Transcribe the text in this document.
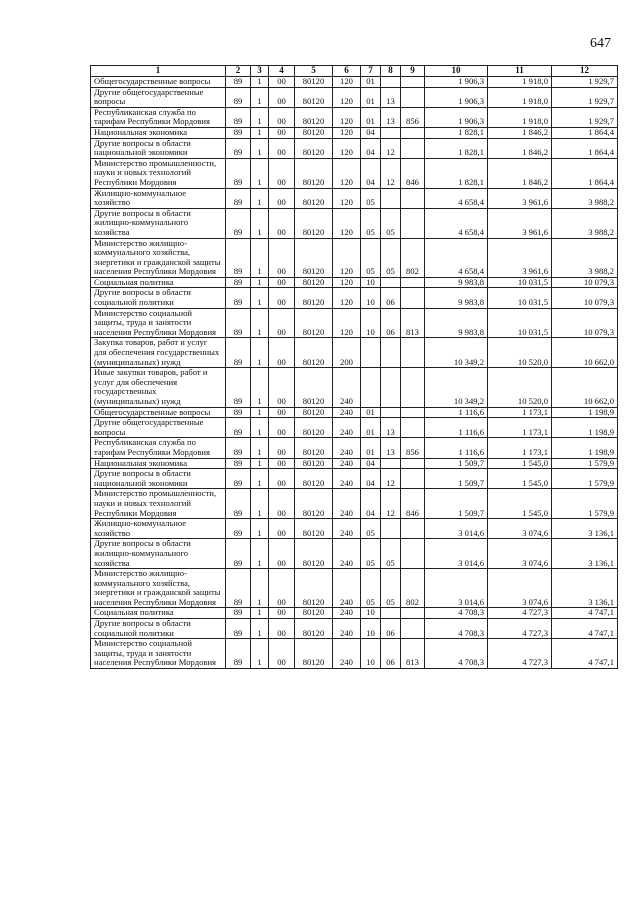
647
1	2	3	4	5	6	7	8	9	10	11	12
Общегосударственные вопросы	89	1	00	80120	120	01			1 906,3	1 918,0	1 929,7
Другие общегосударственные вопросы	89	1	00	80120	120	01	13		1 906,3	1 918,0	1 929,7
Республиканская служба по тарифам Республики Мордовия	89	1	00	80120	120	01	13	856	1 906,3	1 918,0	1 929,7
Национальная экономика	89	1	00	80120	120	04			1 828,1	1 846,2	1 864,4
Другие вопросы в области национальной экономики	89	1	00	80120	120	04	12		1 828,1	1 846,2	1 864,4
Министерство промышленности, науки и новых технологий Республики Мордовия	89	1	00	80120	120	04	12	846	1 828,1	1 846,2	1 864,4
Жилищно-коммунальное хозяйство	89	1	00	80120	120	05			4 658,4	3 961,6	3 988,2
Другие вопросы в области жилищно-коммунального хозяйства	89	1	00	80120	120	05	05		4 658,4	3 961,6	3 988,2
Министерство жилищно-коммунального хозяйства, энергетики и гражданской защиты населения Республики Мордовия	89	1	00	80120	120	05	05	802	4 658,4	3 961,6	3 988,2
Социальная политика	89	1	00	80120	120	10			9 983,8	10 031,5	10 079,3
Другие вопросы в области социальной политики	89	1	00	80120	120	10	06		9 983,8	10 031,5	10 079,3
Министерство социальной защиты, труда и занятости населения Республики Мордовия	89	1	00	80120	120	10	06	813	9 983,8	10 031,5	10 079,3
Закупка товаров, работ и услуг для обеспечения государственных (муниципальных) нужд	89	1	00	80120	200				10 349,2	10 520,0	10 662,0
Иные закупки товаров, работ и услуг для обеспечения государственных (муниципальных) нужд	89	1	00	80120	240				10 349,2	10 520,0	10 662,0
Общегосударственные вопросы	89	1	00	80120	240	01			1 116,6	1 173,1	1 198,9
Другие общегосударственные вопросы	89	1	00	80120	240	01	13		1 116,6	1 173,1	1 198,9
Республиканская служба по тарифам Республики Мордовия	89	1	00	80120	240	01	13	856	1 116,6	1 173,1	1 198,9
Национальная экономика	89	1	00	80120	240	04			1 509,7	1 545,0	1 579,9
Другие вопросы в области национальной экономики	89	1	00	80120	240	04	12		1 509,7	1 545,0	1 579,9
Министерство промышленности, науки и новых технологий Республики Мордовия	89	1	00	80120	240	04	12	846	1 509,7	1 545,0	1 579,9
Жилищно-коммунальное хозяйство	89	1	00	80120	240	05			3 014,6	3 074,6	3 136,1
Другие вопросы в области жилищно-коммунального хозяйства	89	1	00	80120	240	05	05		3 014,6	3 074,6	3 136,1
Министерство жилищно-коммунального хозяйства, энергетики и гражданской защиты населения Республики Мордовия	89	1	00	80120	240	05	05	802	3 014,6	3 074,6	3 136,1
Социальная политика	89	1	00	80120	240	10			4 708,3	4 727,3	4 747,1
Другие вопросы в области социальной политики	89	1	00	80120	240	10	06		4 708,3	4 727,3	4 747,1
Министерство социальной защиты, труда и занятости населения Республики Мордовия	89	1	00	80120	240	10	06	813	4 708,3	4 727,3	4 747,1
